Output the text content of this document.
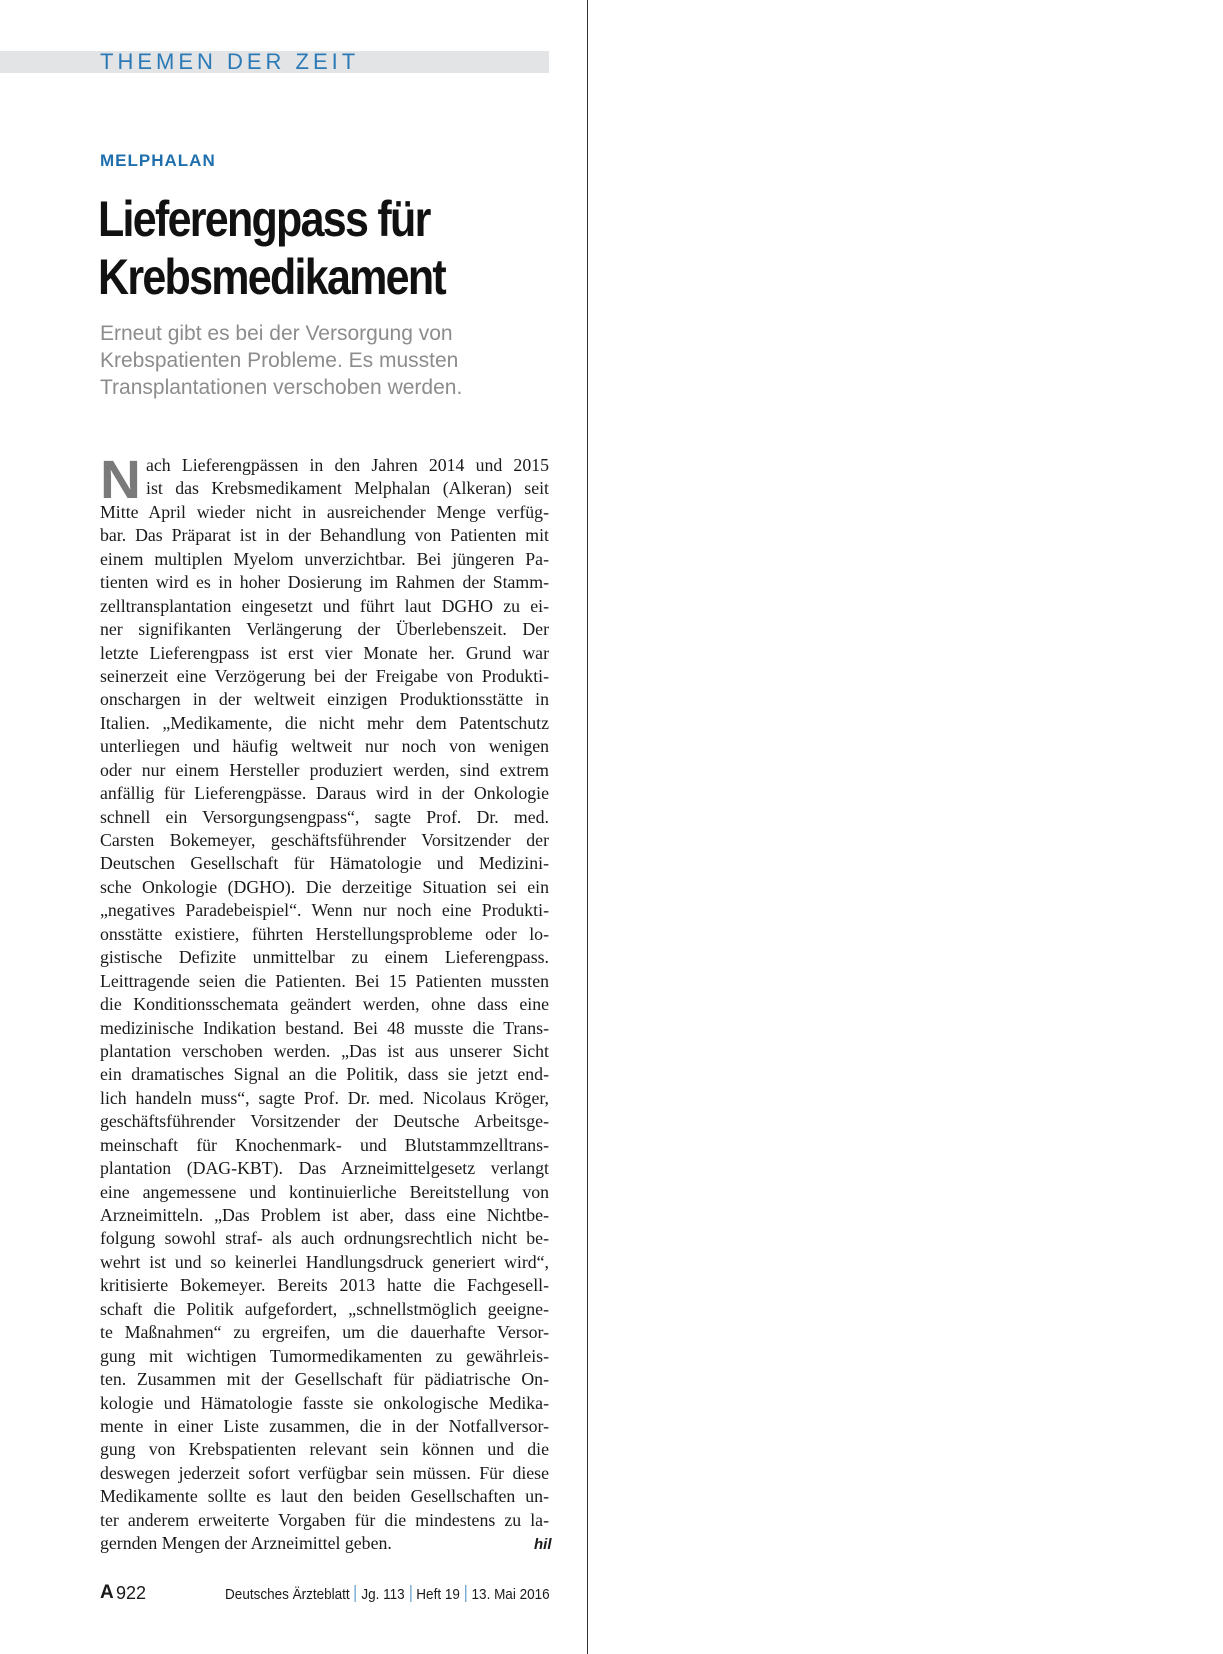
THEMEN DER ZEIT
MELPHALAN
Lieferengpass für
Krebsmedikament

Erneut gibt es bei der Versorgung von
Krebspatienten Probleme. Es mussten
Transplantationen verschoben werden.

N ach Lieferengpässen in den Jahren 2014 und 2015
ist das Krebsmedikament Melphalan (Alkeran) seit
Mitte April wieder nicht in ausreichender Menge verfüg-
bar. Das Präparat ist in der Behandlung von Patienten mit
einem multiplen Myelom unverzichtbar. Bei jüngeren Pa-
tienten wird es in hoher Dosierung im Rahmen der Stamm-
zelltransplantation eingesetzt und führt laut DGHO zu ei-
ner signifikanten Verlängerung der Überlebenszeit. Der
letzte Lieferengpass ist erst vier Monate her. Grund war
seinerzeit eine Verzögerung bei der Freigabe von Produkti-
onschargen in der weltweit einzigen Produktionsstätte in
Italien. „Medikamente, die nicht mehr dem Patentschutz
unterliegen und häufig weltweit nur noch von wenigen
oder nur einem Hersteller produziert werden, sind extrem
anfällig für Lieferengpässe. Daraus wird in der Onkologie
schnell ein Versorgungsengpass“, sagte Prof. Dr. med.
Carsten Bokemeyer, geschäftsführender Vorsitzender der
Deutschen Gesellschaft für Hämatologie und Medizini-
sche Onkologie (DGHO). Die derzeitige Situation sei ein
„negatives Paradebeispiel“. Wenn nur noch eine Produkti-
onsstätte existiere, führten Herstellungsprobleme oder lo-
gistische Defizite unmittelbar zu einem Lieferengpass.
Leittragende seien die Patienten. Bei 15 Patienten mussten
die Konditionsschemata geändert werden, ohne dass eine
medizinische Indikation bestand. Bei 48 musste die Trans-
plantation verschoben werden. „Das ist aus unserer Sicht
ein dramatisches Signal an die Politik, dass sie jetzt end-
lich handeln muss“, sagte Prof. Dr. med. Nicolaus Kröger,
geschäftsführender Vorsitzender der Deutsche Arbeitsge-
meinschaft für Knochenmark- und Blutstammzelltrans-
plantation (DAG-KBT). Das Arzneimittelgesetz verlangt
eine angemessene und kontinuierliche Bereitstellung von
Arzneimitteln. „Das Problem ist aber, dass eine Nichtbe-
folgung sowohl straf- als auch ordnungsrechtlich nicht be-
wehrt ist und so keinerlei Handlungsdruck generiert wird“,
kritisierte Bokemeyer. Bereits 2013 hatte die Fachgesell-
schaft die Politik aufgefordert, „schnellstmöglich geeigne-
te Maßnahmen“ zu ergreifen, um die dauerhafte Versor-
gung mit wichtigen Tumormedikamenten zu gewährleis-
ten. Zusammen mit der Gesellschaft für pädiatrische On-
kologie und Hämatologie fasste sie onkologische Medika-
mente in einer Liste zusammen, die in der Notfallversor-
gung von Krebspatienten relevant sein können und die
deswegen jederzeit sofort verfügbar sein müssen. Für diese
Medikamente sollte es laut den beiden Gesellschaften un-
ter anderem erweiterte Vorgaben für die mindestens zu la-
gernden Mengen der Arzneimittel geben.	hil
A 922	Deutsches Ärzteblatt Jg. 113 Heft 19 13. Mai 2016
